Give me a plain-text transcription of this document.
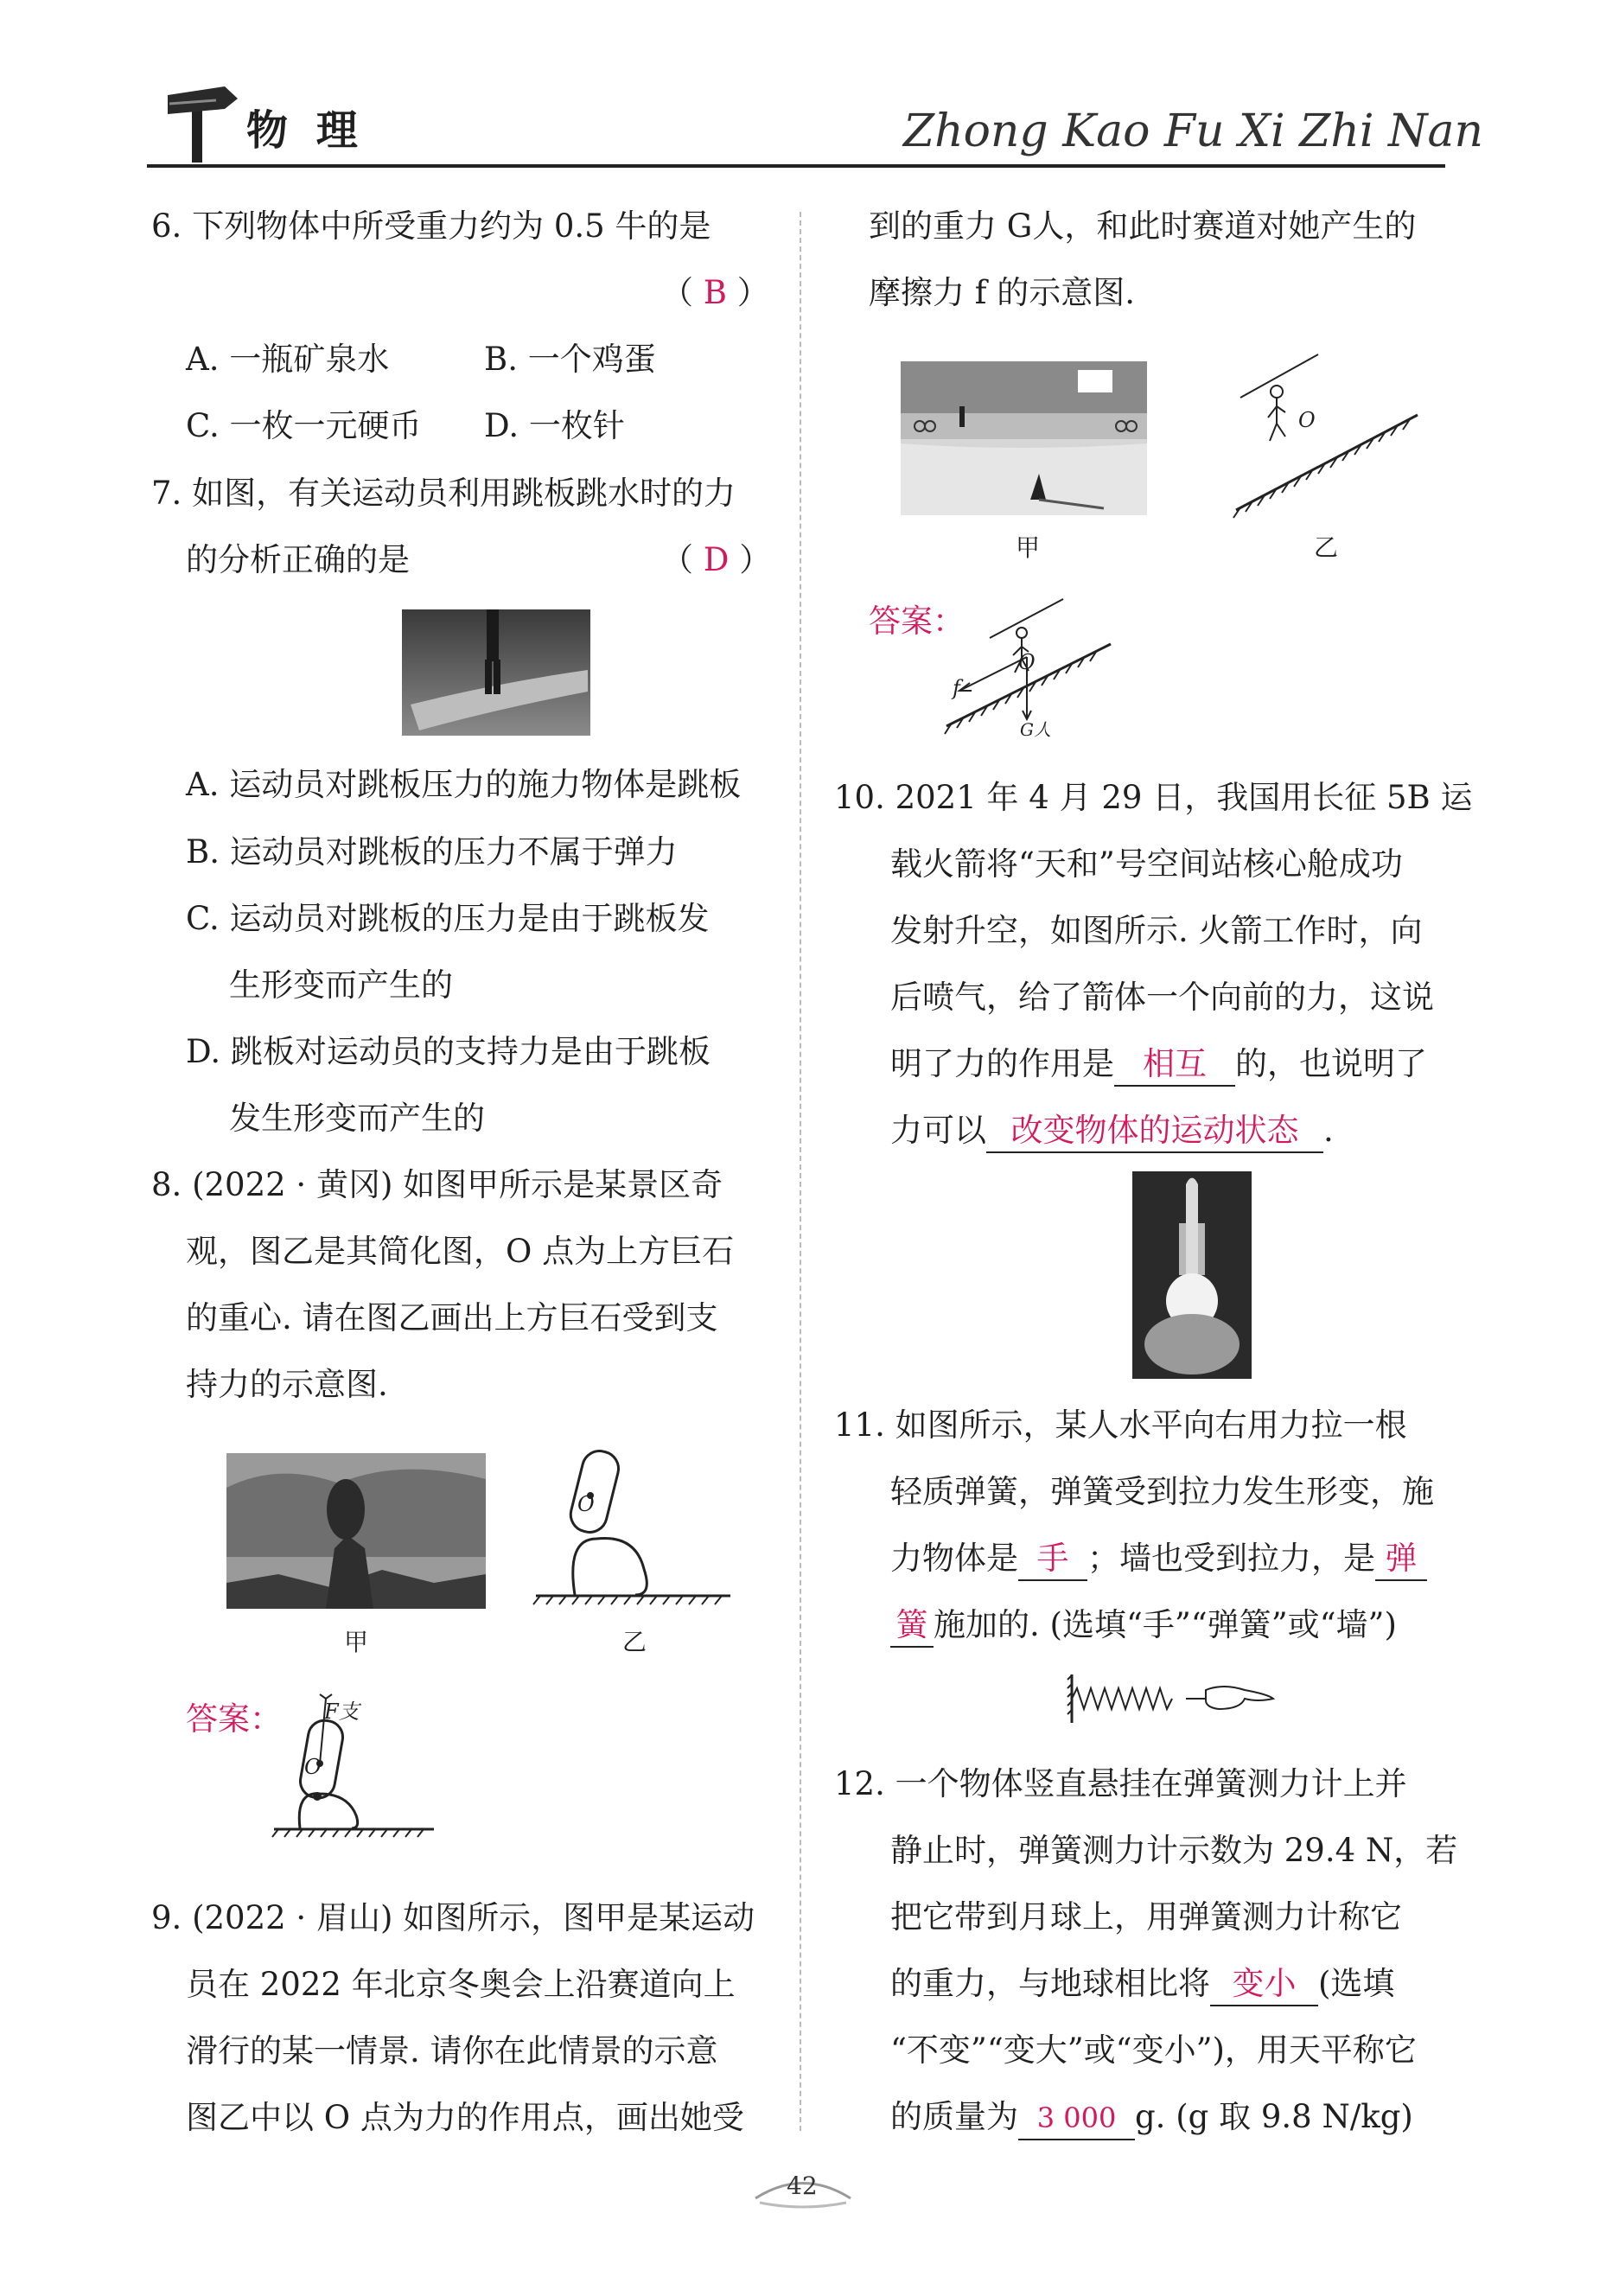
物 理	Zhong Kao Fu Xi Zhi Nan
6. 下列物体中所受重力约为 0.5 牛的是
（ B ）
A. 一瓶矿泉水	B. 一个鸡蛋
C. 一枚一元硬币 D. 一枚针
7. 如图，有关运动员利用跳板跳水时的力
的分析正确的是	（ D ）
A. 运动员对跳板压力的施力物体是跳板
B. 运动员对跳板的压力不属于弹力
C. 运动员对跳板的压力是由于跳板发
生形变而产生的
D. 跳板对运动员的支持力是由于跳板
发生形变而产生的
8. (2022 · 黄冈) 如图甲所示是某景区奇
观，图乙是其简化图，O 点为上方巨石
的重心. 请在图乙画出上方巨石受到支
持力的示意图.
甲
O
乙
答案： F支
O
9. (2022 · 眉山) 如图所示，图甲是某运动
员在 2022 年北京冬奥会上沿赛道向上
滑行的某一情景. 请你在此情景的示意
图乙中以 O 点为力的作用点，画出她受
到的重力 G人，和此时赛道对她产生的
摩擦力 f 的示意图.
甲
O
乙
答案：
O
f
G人
10. 2021 年 4 月 29 日，我国用长征 5B 运
载火箭将“天和”号空间站核心舱成功
发射升空，如图所示. 火箭工作时，向
后喷气，给了箭体一个向前的力，这说
明了力的作用是 相互 的，也说明了
力可以 改变物体的运动状态 .
11. 如图所示，某人水平向右用力拉一根
轻质弹簧，弹簧受到拉力发生形变，施
力物体是 手 ；墙也受到拉力，是 弹
簧 施加的. (选填“手”“弹簧”或“墙”)
12. 一个物体竖直悬挂在弹簧测力计上并
静止时，弹簧测力计示数为 29.4 N，若
把它带到月球上，用弹簧测力计称它
的重力，与地球相比将 变小 (选填
“不变”“变大”或“变小”)，用天平称它
的质量为 3 000 g. (g 取 9.8 N/kg)
42
